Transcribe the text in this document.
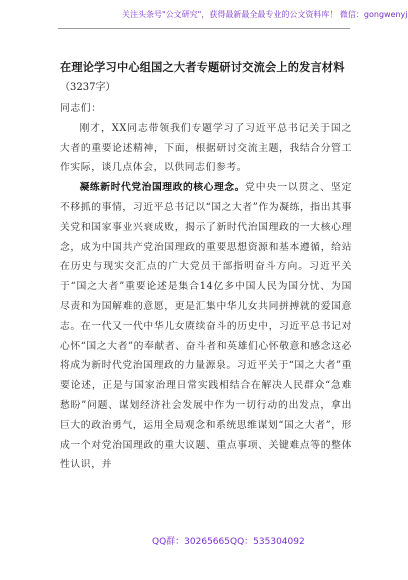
关注头条号"公文研究"，获得最新最全最专业的公文资料库！ 微信：gongwenyj
在理论学习中心组国之大者专题研讨交流会上的发言材料
（3237字）

同志们：

刚才，XX同志带领我们专题学习了习近平总书记关于国之大者的重要论述精神，下面，根据研讨交流主题，我结合分管工作实际，谈几点体会，以供同志们参考。

凝练新时代党治国理政的核心理念。党中央一以贯之、坚定不移抓的事情，习近平总书记以“国之大者”作为凝练，指出其事关党和国家事业兴衰成败，揭示了新时代治国理政的一大核心理念，成为中国共产党治国理政的重要思想资源和基本遵循，给站在历史与现实交汇点的广大党员干部指明奋斗方向。习近平关于“国之大者”重要论述是集合14亿多中国人民为国分忧、为国尽责和为国解难的意愿，更是汇集中华儿女共同拼搏就的爱国意志。在一代又一代中华儿女赓续奋斗的历史中，习近平总书记对心怀“国之大者”的奉献者、奋斗者和英雄们心怀敬意和感念这必将成为新时代党治国理政的力量源泉。习近平关于“国之大者”重要论述，正是与国家治理日常实践相结合在解决人民群众“急难愁盼”问题、谋划经济社会发展中作为一切行动的出发点，拿出巨大的政治勇气，运用全局观念和系统思维谋划“国之大者”，形成一个对党治国理政的重大议题、重点事项、关键难点等的整体性认识，并

QQ群：30265665 QQ：535304092
